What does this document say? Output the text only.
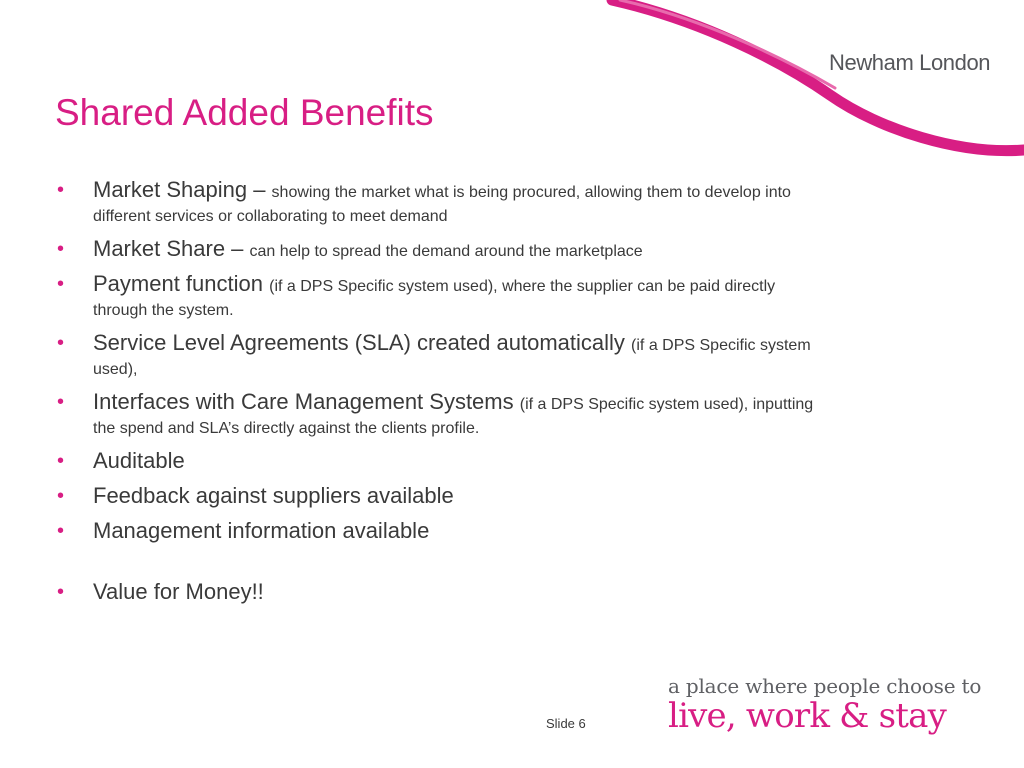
Newham London
Shared Added Benefits
• Market Shaping – showing the market what is being procured, allowing them to develop into different services or collaborating to meet demand
• Market Share – can help to spread the demand around the marketplace
• Payment function (if a DPS Specific system used), where the supplier can be paid directly through the system.
• Service Level Agreements (SLA) created automatically (if a DPS Specific system used),
• Interfaces with Care Management Systems (if a DPS Specific system used), inputting the spend and SLA’s directly against the clients profile.
• Auditable
• Feedback against suppliers available
• Management information available
• Value for Money!!
Slide 6
a place where people choose to
live, work & stay
